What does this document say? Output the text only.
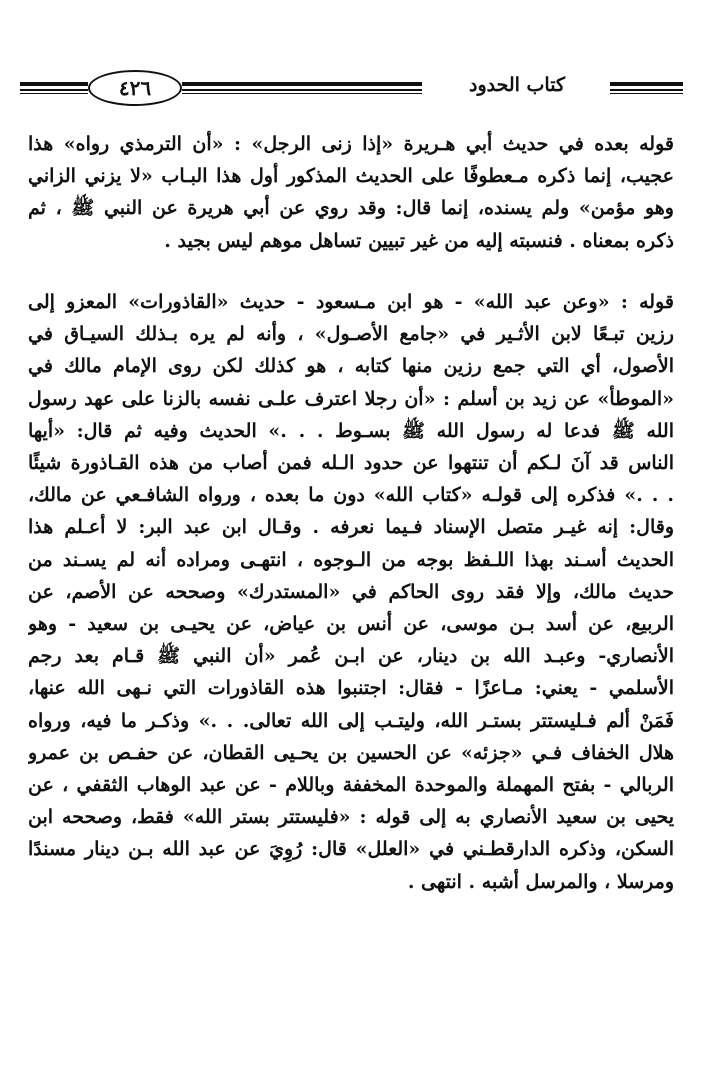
٤٢٦	كتاب الحدود
قوله بعده في حديث أبي هـريرة «إذا زنى الرجل» : «أن الترمذي رواه» هذا
عجيب، إنما ذكره مـعطوفًا على الحديث المذكور أول هذا البـاب «لا يزني الزاني
وهو مؤمن» ولم يسنده، إنما قال: وقد روي عن أبي هريرة عن النبي ﷺ ، ثم
ذكره بمعناه . فنسبته إليه من غير تبيين تساهل موهم ليس بجيد .
قوله : «وعن عبد الله» - هو ابن مـسعود - حديث «القاذورات» المعزو إلى
رزين تبـعًا لابن الأثـير في «جامع الأصـول» ، وأنه لم يره بـذلك السيـاق في
الأصول، أي التي جمع رزين منها كتابه ، هو كذلك لكن روى الإمام مالك في
«الموطأ» عن زيد بن أسلم : «أن رجلا اعترف علـى نفسه بالزنا على عهد رسول
الله ﷺ فدعا له رسول الله ﷺ بسـوط . . .» الحديث وفيه ثم قال: «أيها
الناس قد آنَ لـكم أن تنتهوا عن حدود الـله فمن أصاب من هذه القـاذورة شيئًا
. . .» فذكره إلى قولـه «كتاب الله» دون ما بعده ، ورواه الشافـعي عن مالك،
وقال: إنه غيـر متصل الإسناد فـيما نعرفه . وقـال ابن عبد البر: لا أعـلم هذا
الحديث أسـند بهذا اللـفظ بوجه من الـوجوه ، انتهـى ومراده أنه لم يسـند من
حديث مالك، وإلا فقد روى الحاكم في «المستدرك» وصححه عن الأصم، عن
الربيع، عن أسد بـن موسى، عن أنس بن عياض، عن يحيـى بن سعيد - وهو
الأنصاري- وعبـد الله بن دينار، عن ابـن عُمر «أن النبي ﷺ قـام بعد رجم
الأسلمي - يعني: مـاعزًا - فقال: اجتنبوا هذه القاذورات التي نـهى الله عنها،
فَمَنْ ألم فـليستتر بستـر الله، وليتـب إلى الله تعالى. . .» وذكـر ما فيه، ورواه
هلال الخفاف فـي «جزئه» عن الحسين بن يحـيى القطان، عن حفـص بن عمرو
الربالي - بفتح المهملة والموحدة المخففة وباللام - عن عبد الوهاب الثقفي ، عن
يحيى بن سعيد الأنصاري به إلى قوله : «فليستتر بستر الله» فقط، وصححه ابن
السكن، وذكره الدارقطـني في «العلل» قال: رُوِيَ عن عبد الله بـن دينار مسندًا
ومرسلا ، والمرسل أشبه . انتهى .
